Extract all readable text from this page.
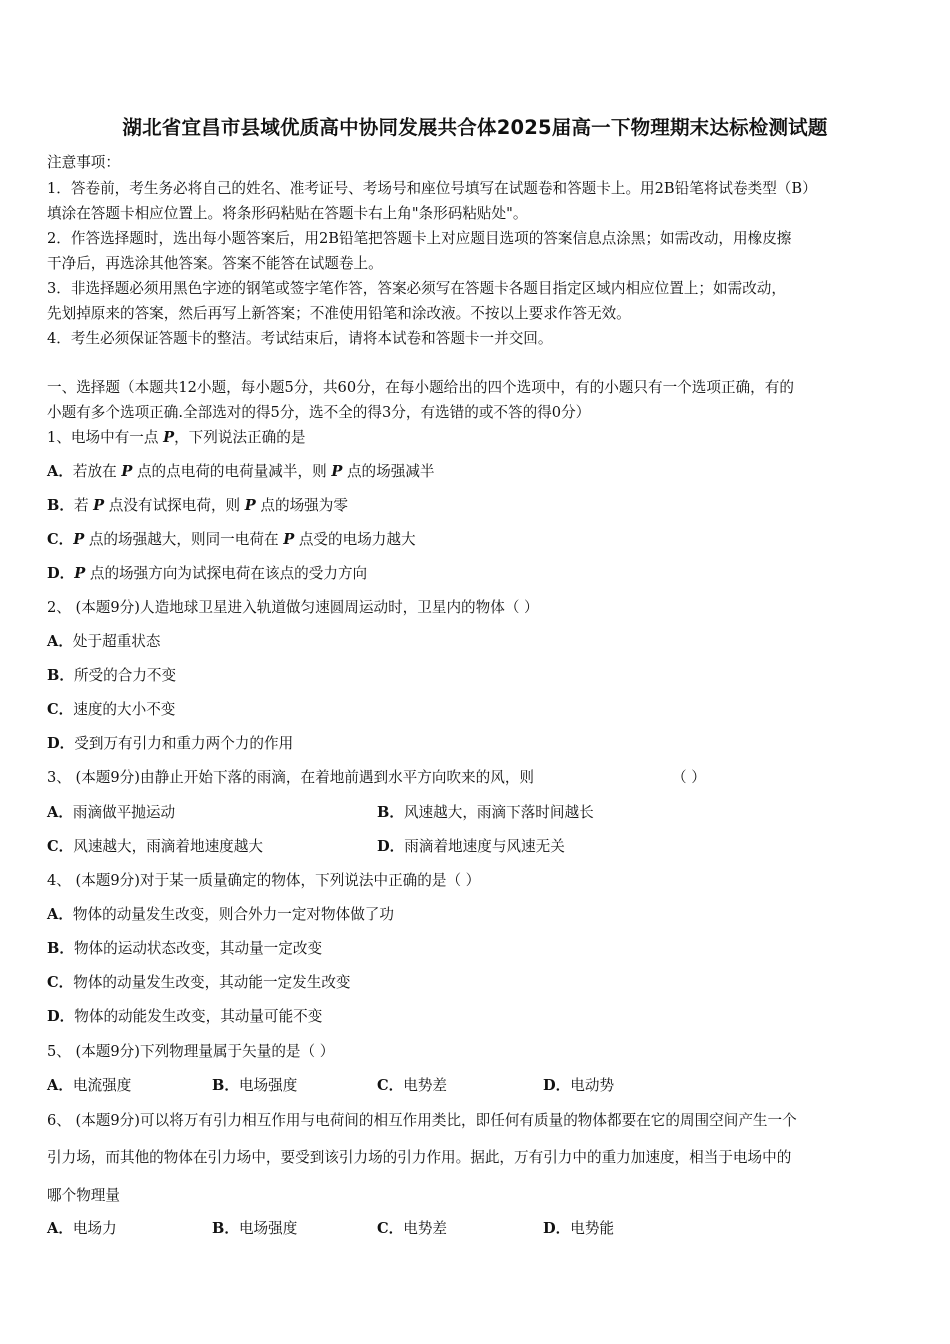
湖北省宜昌市县域优质高中协同发展共合体2025届高一下物理期末达标检测试题
注意事项：
1．答卷前，考生务必将自己的姓名、准考证号、考场号和座位号填写在试题卷和答题卡上。用2B铅笔将试卷类型（B）
填涂在答题卡相应位置上。将条形码粘贴在答题卡右上角"条形码粘贴处"。
2．作答选择题时，选出每小题答案后，用2B铅笔把答题卡上对应题目选项的答案信息点涂黑；如需改动，用橡皮擦
干净后，再选涂其他答案。答案不能答在试题卷上。
3．非选择题必须用黑色字迹的钢笔或签字笔作答，答案必须写在答题卡各题目指定区域内相应位置上；如需改动，
先划掉原来的答案，然后再写上新答案；不准使用铅笔和涂改液。不按以上要求作答无效。
4．考生必须保证答题卡的整洁。考试结束后，请将本试卷和答题卡一并交回。
一、选择题（本题共12小题，每小题5分，共60分，在每小题给出的四个选项中，有的小题只有一个选项正确，有的
小题有多个选项正确.全部选对的得5分，选不全的得3分，有选错的或不答的得0分）
1、电场中有一点 P，下列说法正确的是
A．若放在 P 点的点电荷的电荷量减半，则 P 点的场强减半
B．若 P 点没有试探电荷，则 P 点的场强为零
C．P 点的场强越大，则同一电荷在 P 点受的电场力越大
D．P 点的场强方向为试探电荷在该点的受力方向
2、 (本题9分)人造地球卫星进入轨道做匀速圆周运动时，卫星内的物体（ ）
A．处于超重状态
B．所受的合力不变
C．速度的大小不变
D．受到万有引力和重力两个力的作用
3、 (本题9分)由静止开始下落的雨滴，在着地前遇到水平方向吹来的风，则	（ ）
A．雨滴做平抛运动	B．风速越大，雨滴下落时间越长
C．风速越大，雨滴着地速度越大	D．雨滴着地速度与风速无关
4、 (本题9分)对于某一质量确定的物体，下列说法中正确的是（ ）
A．物体的动量发生改变，则合外力一定对物体做了功
B．物体的运动状态改变，其动量一定改变
C．物体的动量发生改变，其动能一定发生改变
D．物体的动能发生改变，其动量可能不变
5、 (本题9分)下列物理量属于矢量的是（ ）
A．电流强度	B．电场强度	C．电势差	D．电动势
6、 (本题9分)可以将万有引力相互作用与电荷间的相互作用类比，即任何有质量的物体都要在它的周围空间产生一个
引力场，而其他的物体在引力场中，要受到该引力场的引力作用。据此，万有引力中的重力加速度，相当于电场中的
哪个物理量
A．电场力	B．电场强度	C．电势差	D．电势能
